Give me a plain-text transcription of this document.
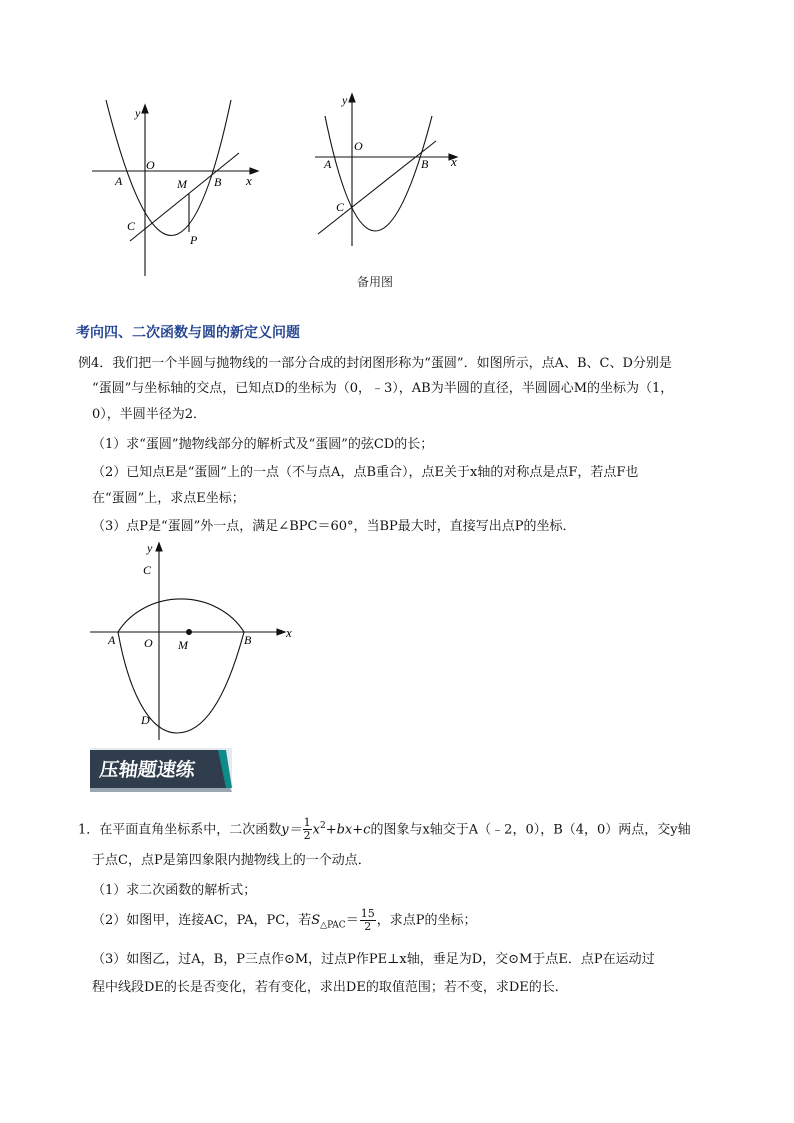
y
x
O
A	B
C
M
P
y
x
O
A	B
C
备用图
考向四、二次函数与圆的新定义问题
例4．我们把一个半圆与抛物线的一部分合成的封闭图形称为“蛋圆”．如图所示，点A、B、C、D分别是
“蛋圆”与坐标轴的交点，已知点D的坐标为（0，﹣3），AB为半圆的直径，半圆圆心M的坐标为（1，
0），半圆半径为2．
（1）求“蛋圆”抛物线部分的解析式及“蛋圆”的弦CD的长；
（2）已知点E是“蛋圆”上的一点（不与点A，点B重合），点E关于x轴的对称点是点F，若点F也
在“蛋圆”上，求点E坐标；
（3）点P是“蛋圆”外一点，满足∠BPC＝60°，当BP最大时，直接写出点P的坐标．
y
x
C
A O M	B
D
压轴题速练
1．在平面直角坐标系中，二次函数$y= \frac{1}{2} x^2+bx+c$的图象与x轴交于A（﹣2，0），B（4，0）两点，交y轴
于点C，点P是第四象限内抛物线上的一个动点．
（1）求二次函数的解析式；
（2）如图甲，连接AC，PA，PC，若$S_{\triangle PAC}= \frac{15}{2}$ ，求点P的坐标；
（3）如图乙，过A，B，P三点作⊙M，过点P作PE⊥x轴，垂足为D，交⊙M于点E．点P在运动过
程中线段DE的长是否变化，若有变化，求出DE的取值范围；若不变，求DE的长．
